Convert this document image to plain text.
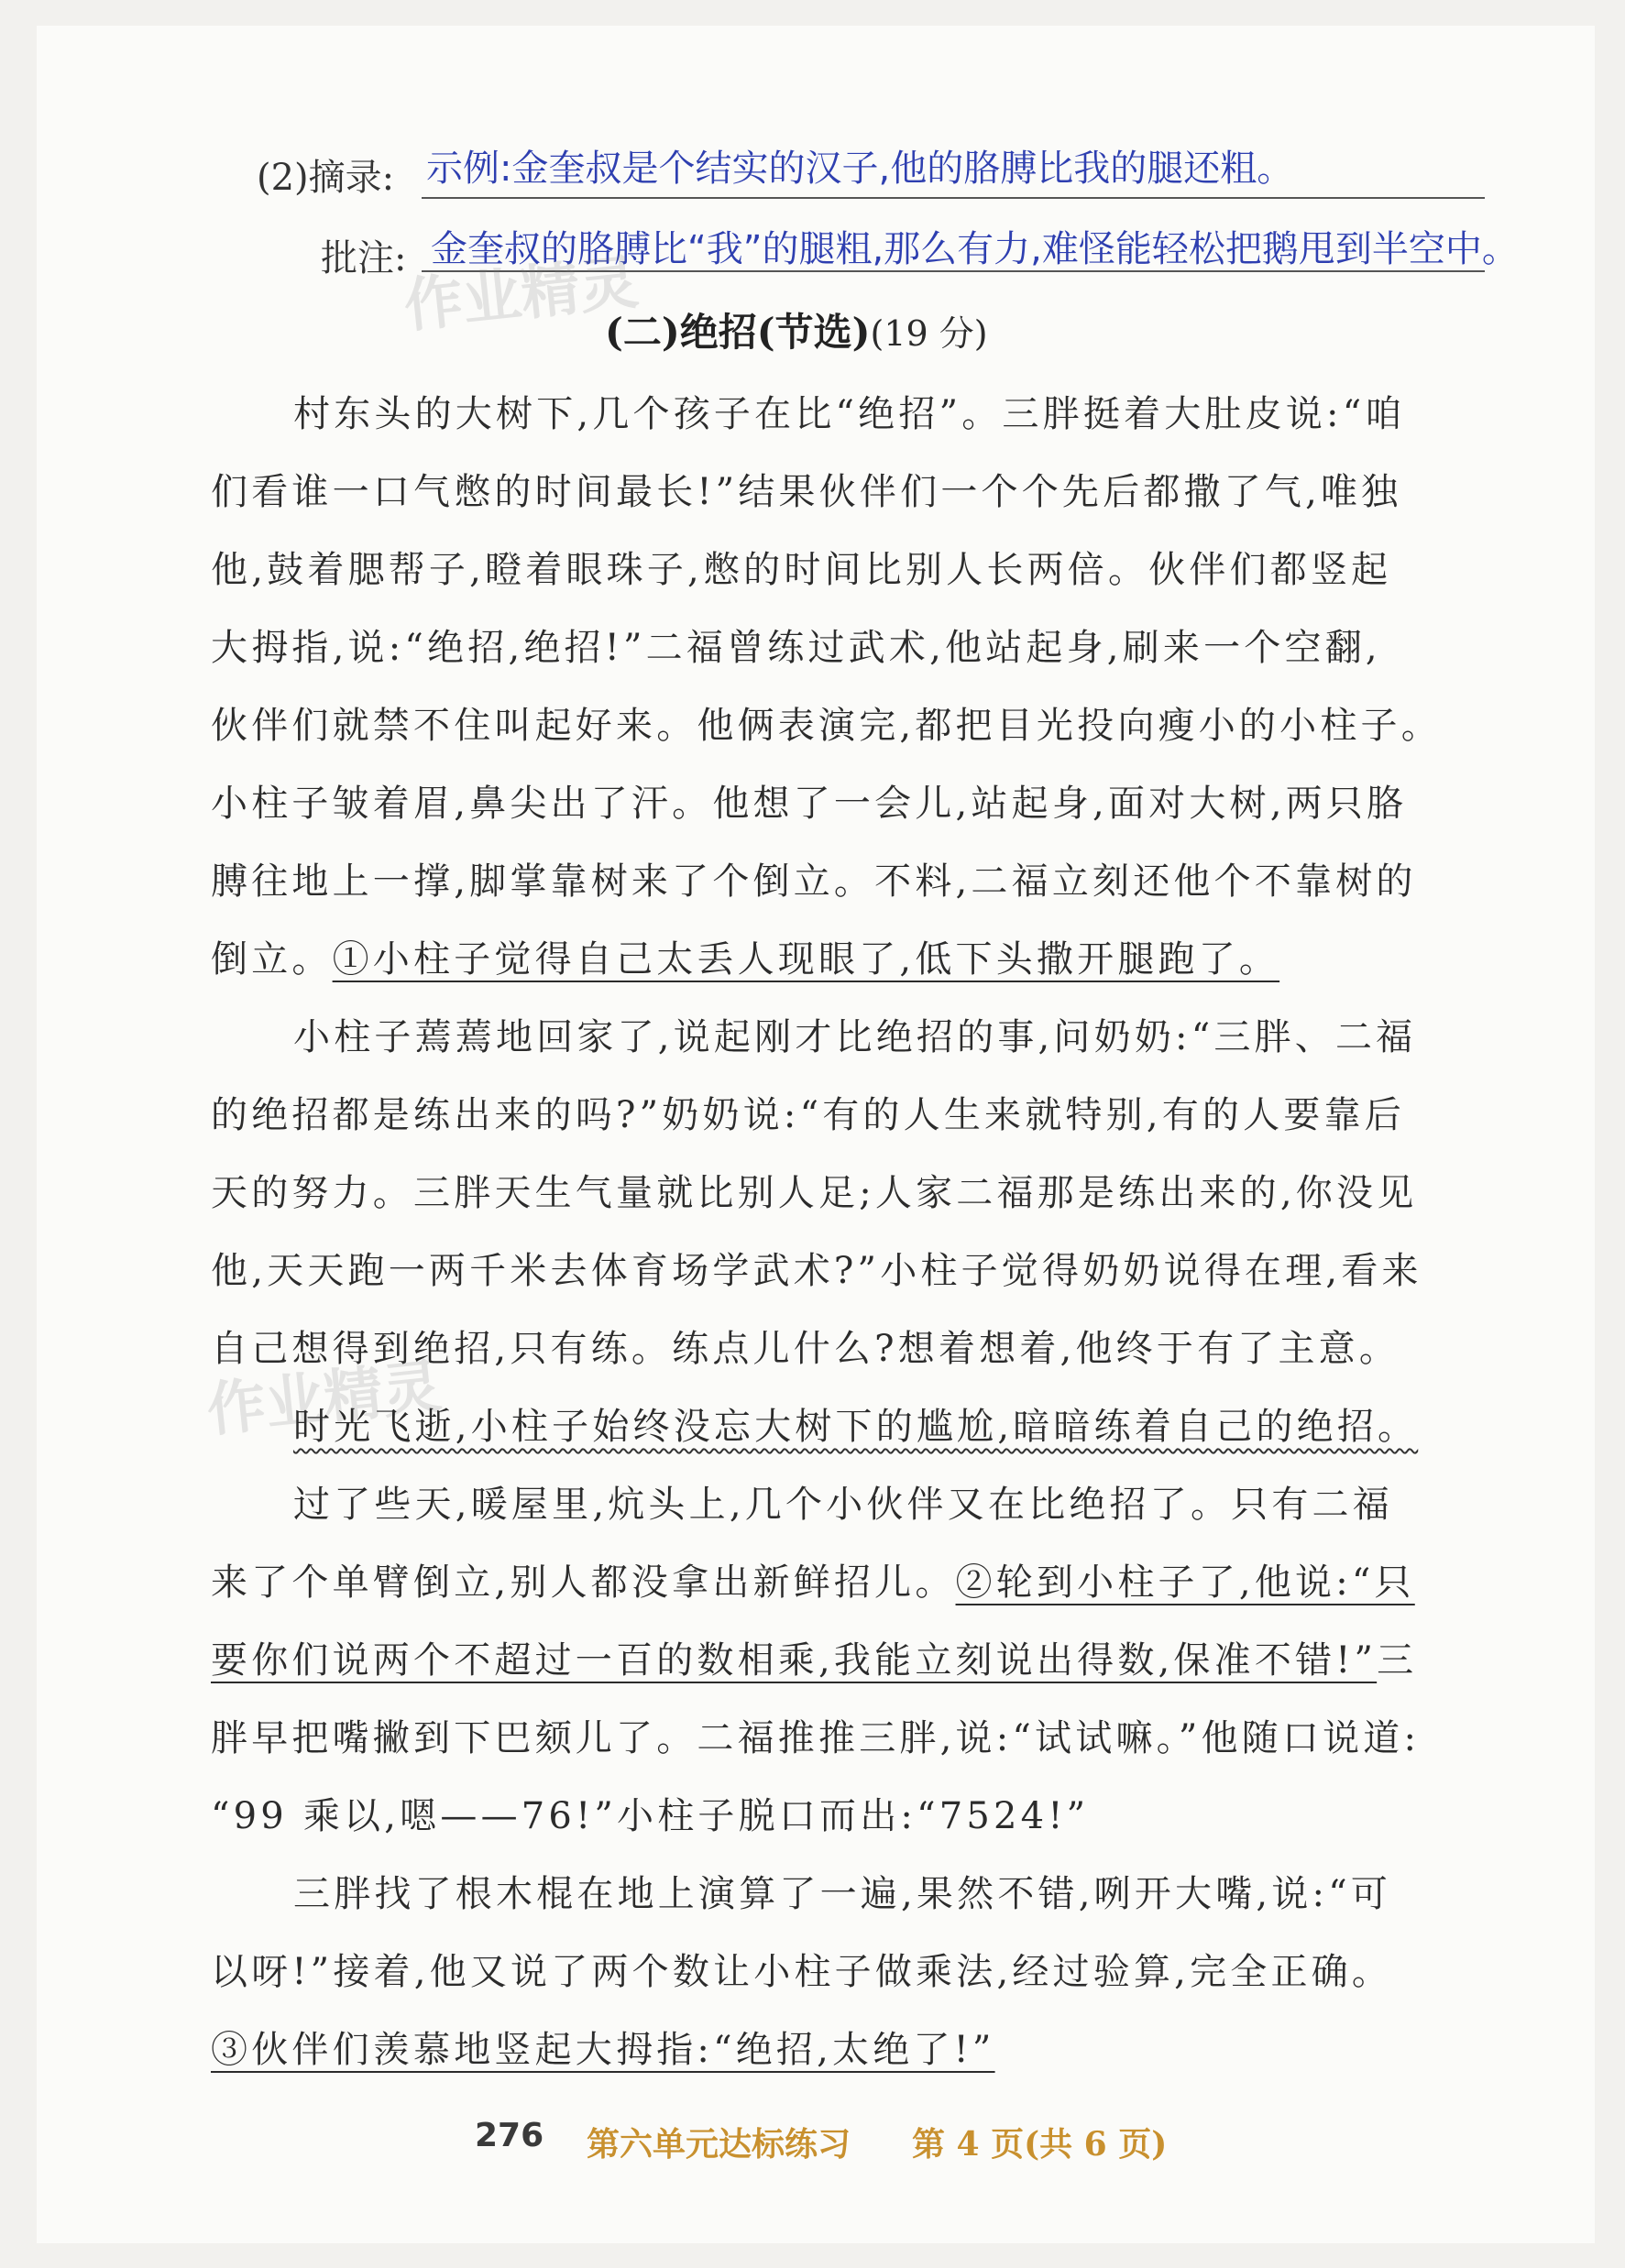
(2)摘录: 示例:金奎叔是个结实的汉子,他的胳膊比我的腿还粗。
批注: 金奎叔的胳膊比“我”的腿粗,那么有力,难怪能轻松把鹅甩到半空中。
作业精灵
(二)绝招(节选)(19 分)
村东头的大树下,几个孩子在比“绝招”。三胖挺着大肚皮说:“咱
们看谁一口气憋的时间最长!”结果伙伴们一个个先后都撒了气,唯独
他,鼓着腮帮子,瞪着眼珠子,憋的时间比别人长两倍。伙伴们都竖起
大拇指,说:“绝招,绝招!”二福曾练过武术,他站起身,刷来一个空翻,
伙伴们就禁不住叫起好来。他俩表演完,都把目光投向瘦小的小柱子。
小柱子皱着眉,鼻尖出了汗。他想了一会儿,站起身,面对大树,两只胳
膊往地上一撑,脚掌靠树来了个倒立。不料,二福立刻还他个不靠树的
倒立。①小柱子觉得自己太丢人现眼了,低下头撒开腿跑了。
小柱子蔫蔫地回家了,说起刚才比绝招的事,问奶奶:“三胖、二福
的绝招都是练出来的吗?”奶奶说:“有的人生来就特别,有的人要靠后
天的努力。三胖天生气量就比别人足;人家二福那是练出来的,你没见
他,天天跑一两千米去体育场学武术?”小柱子觉得奶奶说得在理,看来
自己想得到绝招,只有练。练点儿什么?想着想着,他终于有了主意。
作业精灵
时光飞逝,小柱子始终没忘大树下的尴尬,暗暗练着自己的绝招。
过了些天,暖屋里,炕头上,几个小伙伴又在比绝招了。只有二福
来了个单臂倒立,别人都没拿出新鲜招儿。②轮到小柱子了,他说:“只
要你们说两个不超过一百的数相乘,我能立刻说出得数,保准不错!”三
胖早把嘴撇到下巴颏儿了。二福推推三胖,说:“试试嘛。”他随口说道:
“99 乘以,嗯——76!”小柱子脱口而出:“7524!”
三胖找了根木棍在地上演算了一遍,果然不错,咧开大嘴,说:“可
以呀!”接着,他又说了两个数让小柱子做乘法,经过验算,完全正确。
③伙伴们羡慕地竖起大拇指:“绝招,太绝了!”
276 第六单元达标练习 第 4 页(共 6 页)
